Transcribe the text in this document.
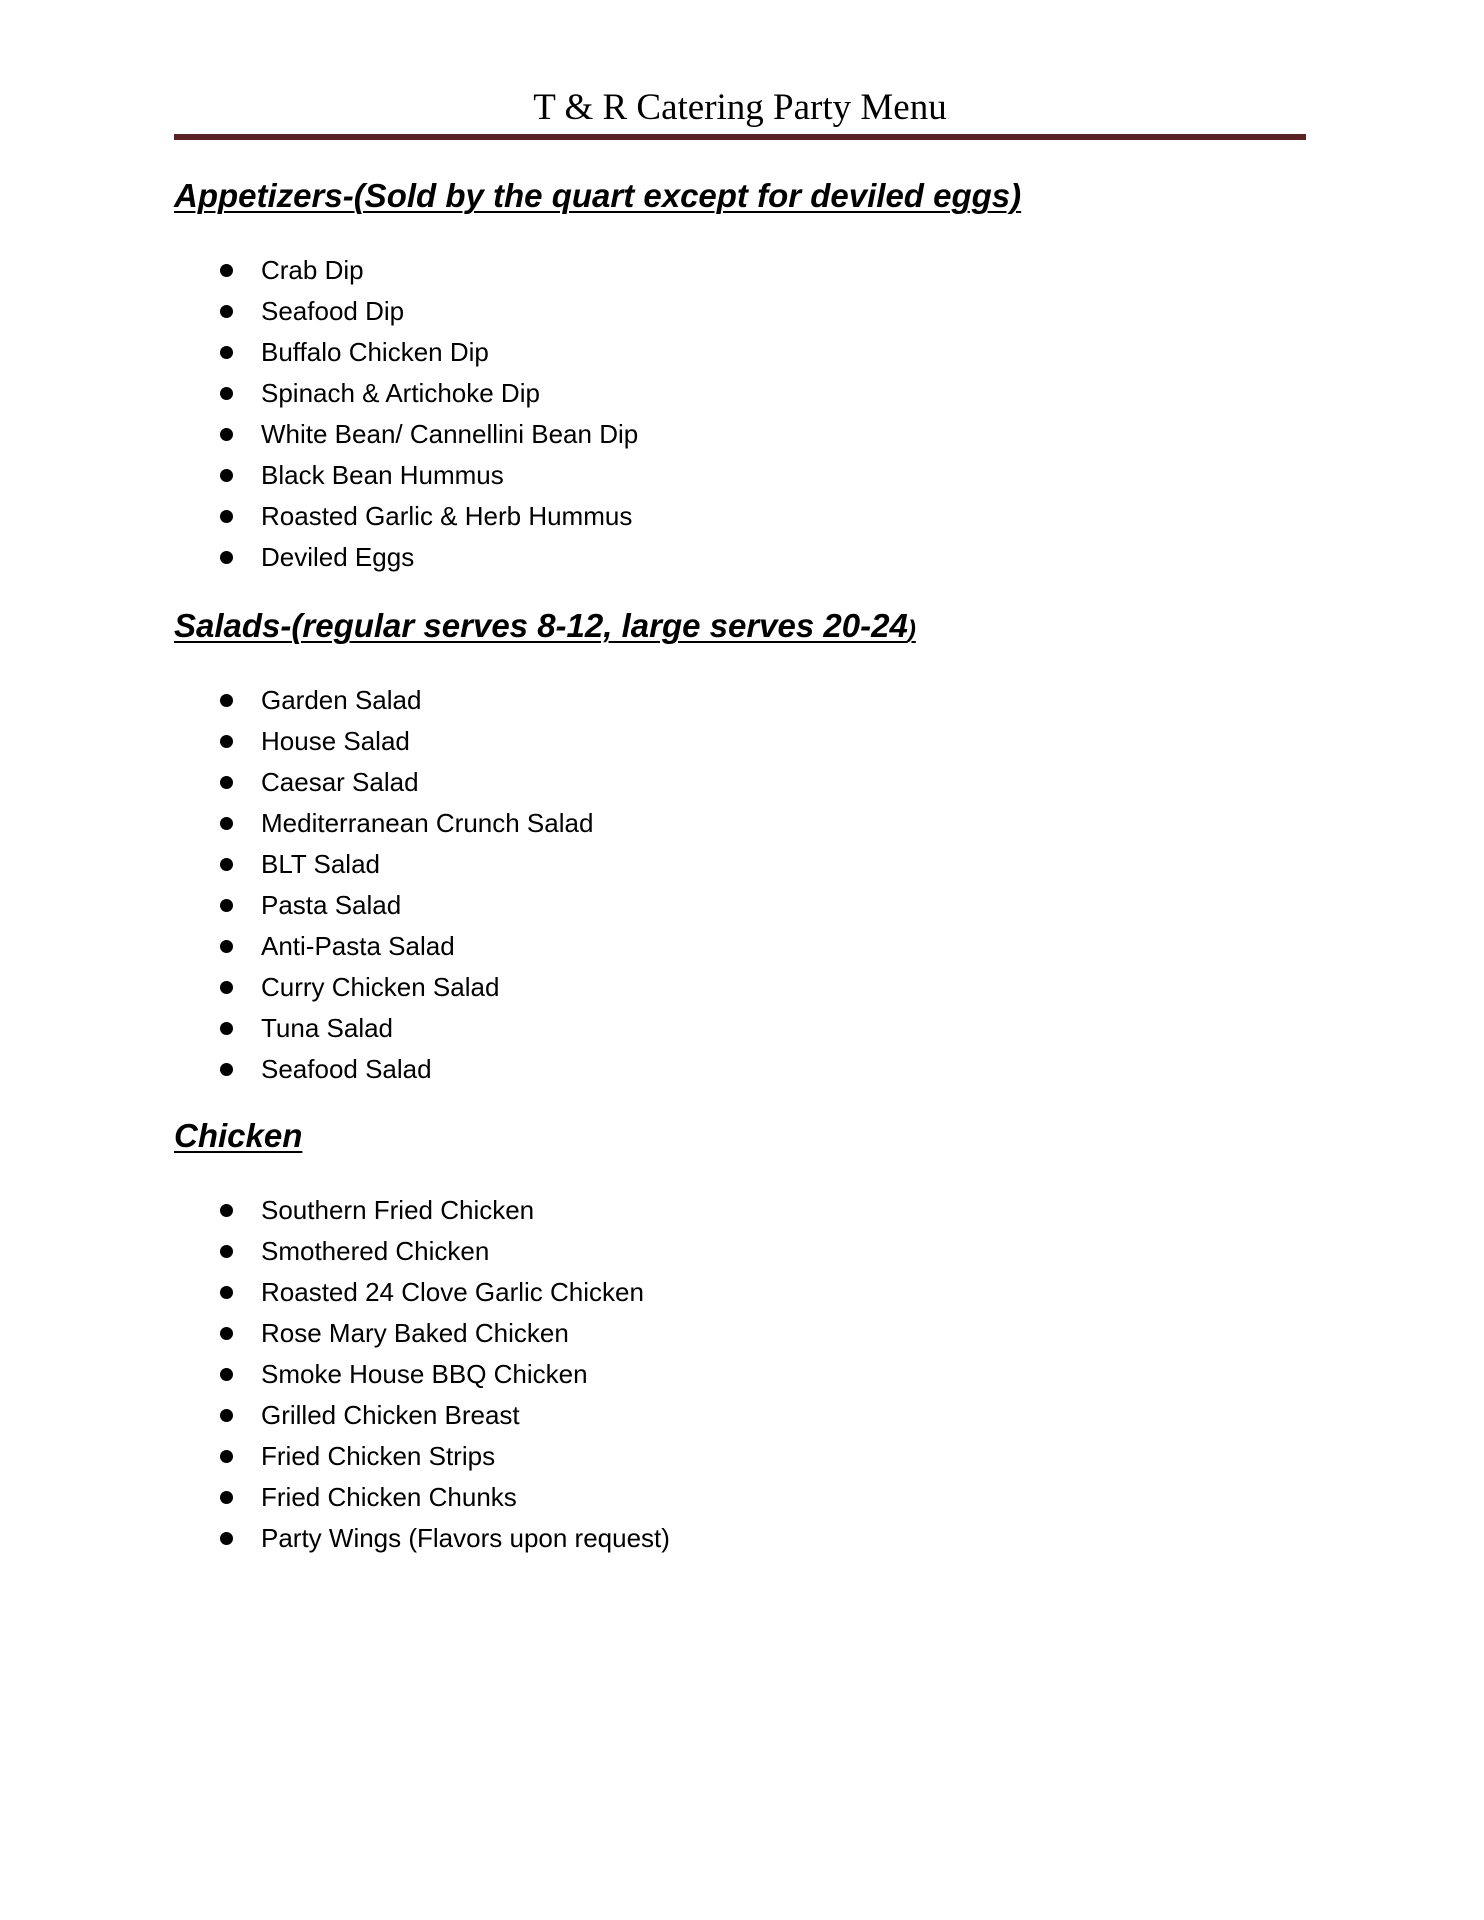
T & R Catering Party Menu
Appetizers-(Sold by the quart except for deviled eggs)
Crab Dip
Seafood Dip
Buffalo Chicken Dip
Spinach & Artichoke Dip
White Bean/ Cannellini Bean Dip
Black Bean Hummus
Roasted Garlic & Herb Hummus
Deviled Eggs
Salads-(regular serves 8-12, large serves 20-24)
Garden Salad
House Salad
Caesar Salad
Mediterranean Crunch Salad
BLT Salad
Pasta Salad
Anti-Pasta Salad
Curry Chicken Salad
Tuna Salad
Seafood Salad
Chicken
Southern Fried Chicken
Smothered Chicken
Roasted 24 Clove Garlic Chicken
Rose Mary Baked Chicken
Smoke House BBQ Chicken
Grilled Chicken Breast
Fried Chicken Strips
Fried Chicken Chunks
Party Wings (Flavors upon request)
